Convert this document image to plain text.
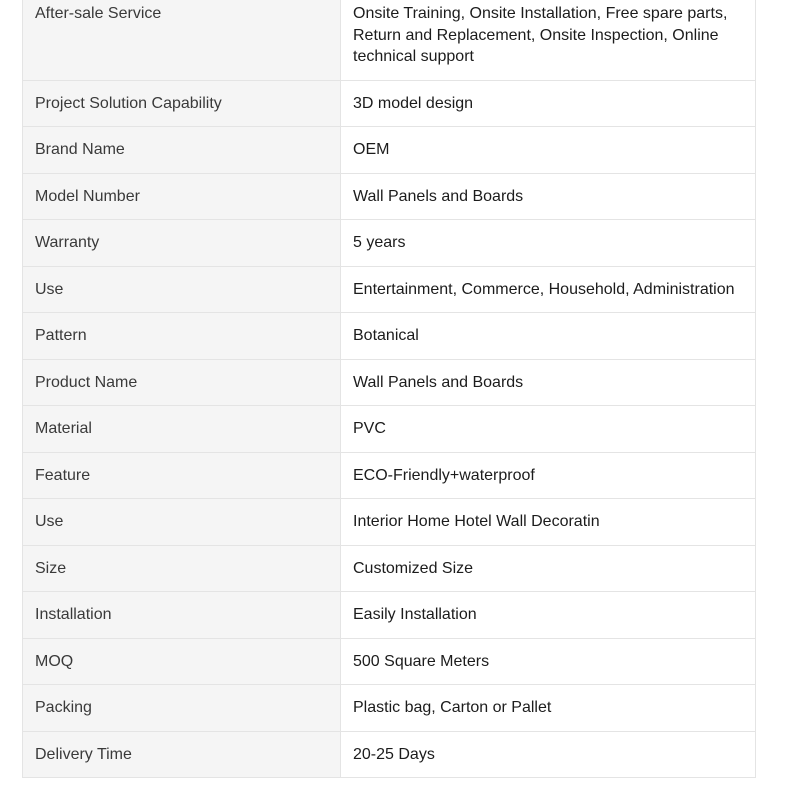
After-sale Service	Onsite Training, Onsite Installation, Free spare parts, Return and Replacement, Onsite Inspection, Online technical support
Project Solution Capability	3D model design
Brand Name	OEM
Model Number	Wall Panels and Boards
Warranty	5 years
Use	Entertainment, Commerce, Household, Administration
Pattern	Botanical
Product Name	Wall Panels and Boards
Material	PVC
Feature	ECO-Friendly+waterproof
Use	Interior Home Hotel Wall Decoratin
Size	Customized Size
Installation	Easily Installation
MOQ	500 Square Meters
Packing	Plastic bag, Carton or Pallet
Delivery Time	20-25 Days
